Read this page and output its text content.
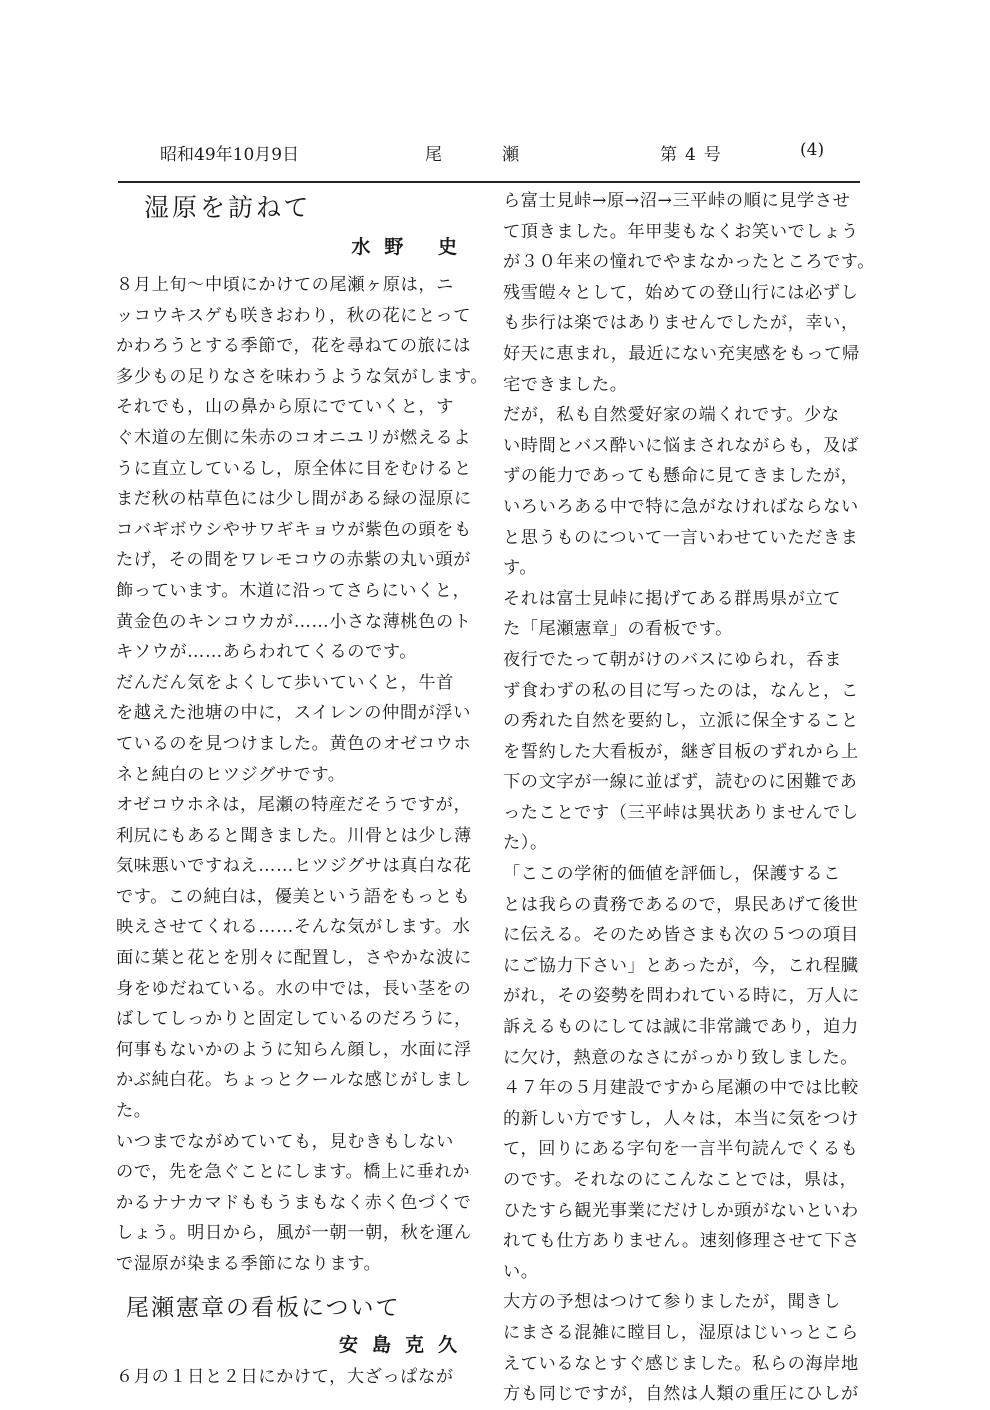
昭和49年10月9日	尾瀬	第4号	(4)
湿原を訪ねて
水野 史
８月上旬〜中頃にかけての尾瀬ヶ原は，ニ
ッコウキスゲも咲きおわり，秋の花にとって
かわろうとする季節で，花を尋ねての旅には
多少もの足りなさを味わうような気がします。
それでも，山の鼻から原にでていくと，す
ぐ木道の左側に朱赤のコオニユリが燃えるよ
うに直立しているし，原全体に目をむけると
まだ秋の枯草色には少し間がある緑の湿原に
コバギボウシやサワギキョウが紫色の頭をも
たげ，その間をワレモコウの赤紫の丸い頭が
飾っています。木道に沿ってさらにいくと，
黄金色のキンコウカが……小さな薄桃色のト
キソウが……あらわれてくるのです。
だんだん気をよくして歩いていくと，牛首
を越えた池塘の中に，スイレンの仲間が浮い
ているのを見つけました。黄色のオゼコウホ
ネと純白のヒツジグサです。
オゼコウホネは，尾瀬の特産だそうですが，
利尻にもあると聞きました。川骨とは少し薄
気味悪いですねえ……ヒツジグサは真白な花
です。この純白は，優美という語をもっとも
映えさせてくれる……そんな気がします。水
面に葉と花とを別々に配置し，さやかな波に
身をゆだねている。水の中では，長い茎をの
ばしてしっかりと固定しているのだろうに，
何事もないかのように知らん顔し，水面に浮
かぶ純白花。ちょっとクールな感じがしまし
た。
いつまでながめていても，見むきもしない
ので，先を急ぐことにします。橋上に垂れか
かるナナカマドももうまもなく赤く色づくで
しょう。明日から，風が一朝一朝，秋を運ん
で湿原が染まる季節になります。
尾瀬憲章の看板について
安島克久
６月の１日と２日にかけて，大ざっぱなが
ら富士見峠→原→沼→三平峠の順に見学させ
て頂きました。年甲斐もなくお笑いでしょう
が３０年来の憧れでやまなかったところです。
残雪皚々として，始めての登山行には必ずし
も歩行は楽ではありませんでしたが，幸い，
好天に恵まれ，最近にない充実感をもって帰
宅できました。
だが，私も自然愛好家の端くれです。少な
い時間とバス酔いに悩まされながらも，及ば
ずの能力であっても懸命に見てきましたが，
いろいろある中で特に急がなければならない
と思うものについて一言いわせていただきま
す。
それは富士見峠に掲げてある群馬県が立て
た「尾瀬憲章」の看板です。
夜行でたって朝がけのバスにゆられ，呑ま
ず食わずの私の目に写ったのは，なんと，こ
の秀れた自然を要約し，立派に保全すること
を誓約した大看板が，継ぎ目板のずれから上
下の文字が一線に並ばず，読むのに困難であ
ったことです（三平峠は異状ありませんでし
た）。
「ここの学術的価値を評価し，保護するこ
とは我らの責務であるので，県民あげて後世
に伝える。そのため皆さまも次の５つの項目
にご協力下さい」とあったが，今，これ程臓
がれ，その姿勢を問われている時に，万人に
訴えるものにしては誠に非常識であり，迫力
に欠け，熱意のなさにがっかり致しました。
４７年の５月建設ですから尾瀬の中では比較
的新しい方ですし，人々は，本当に気をつけ
て，回りにある字句を一言半句読んでくるも
のです。それなのにこんなことでは，県は，
ひたすら観光事業にだけしか頭がないといわ
れても仕方ありません。速刻修理させて下さ
い。
大方の予想はつけて参りましたが，聞きし
にまさる混雑に瞠目し，湿原はじいっとこら
えているなとすぐ感じました。私らの海岸地
方も同じですが，自然は人類の重圧にひしが
